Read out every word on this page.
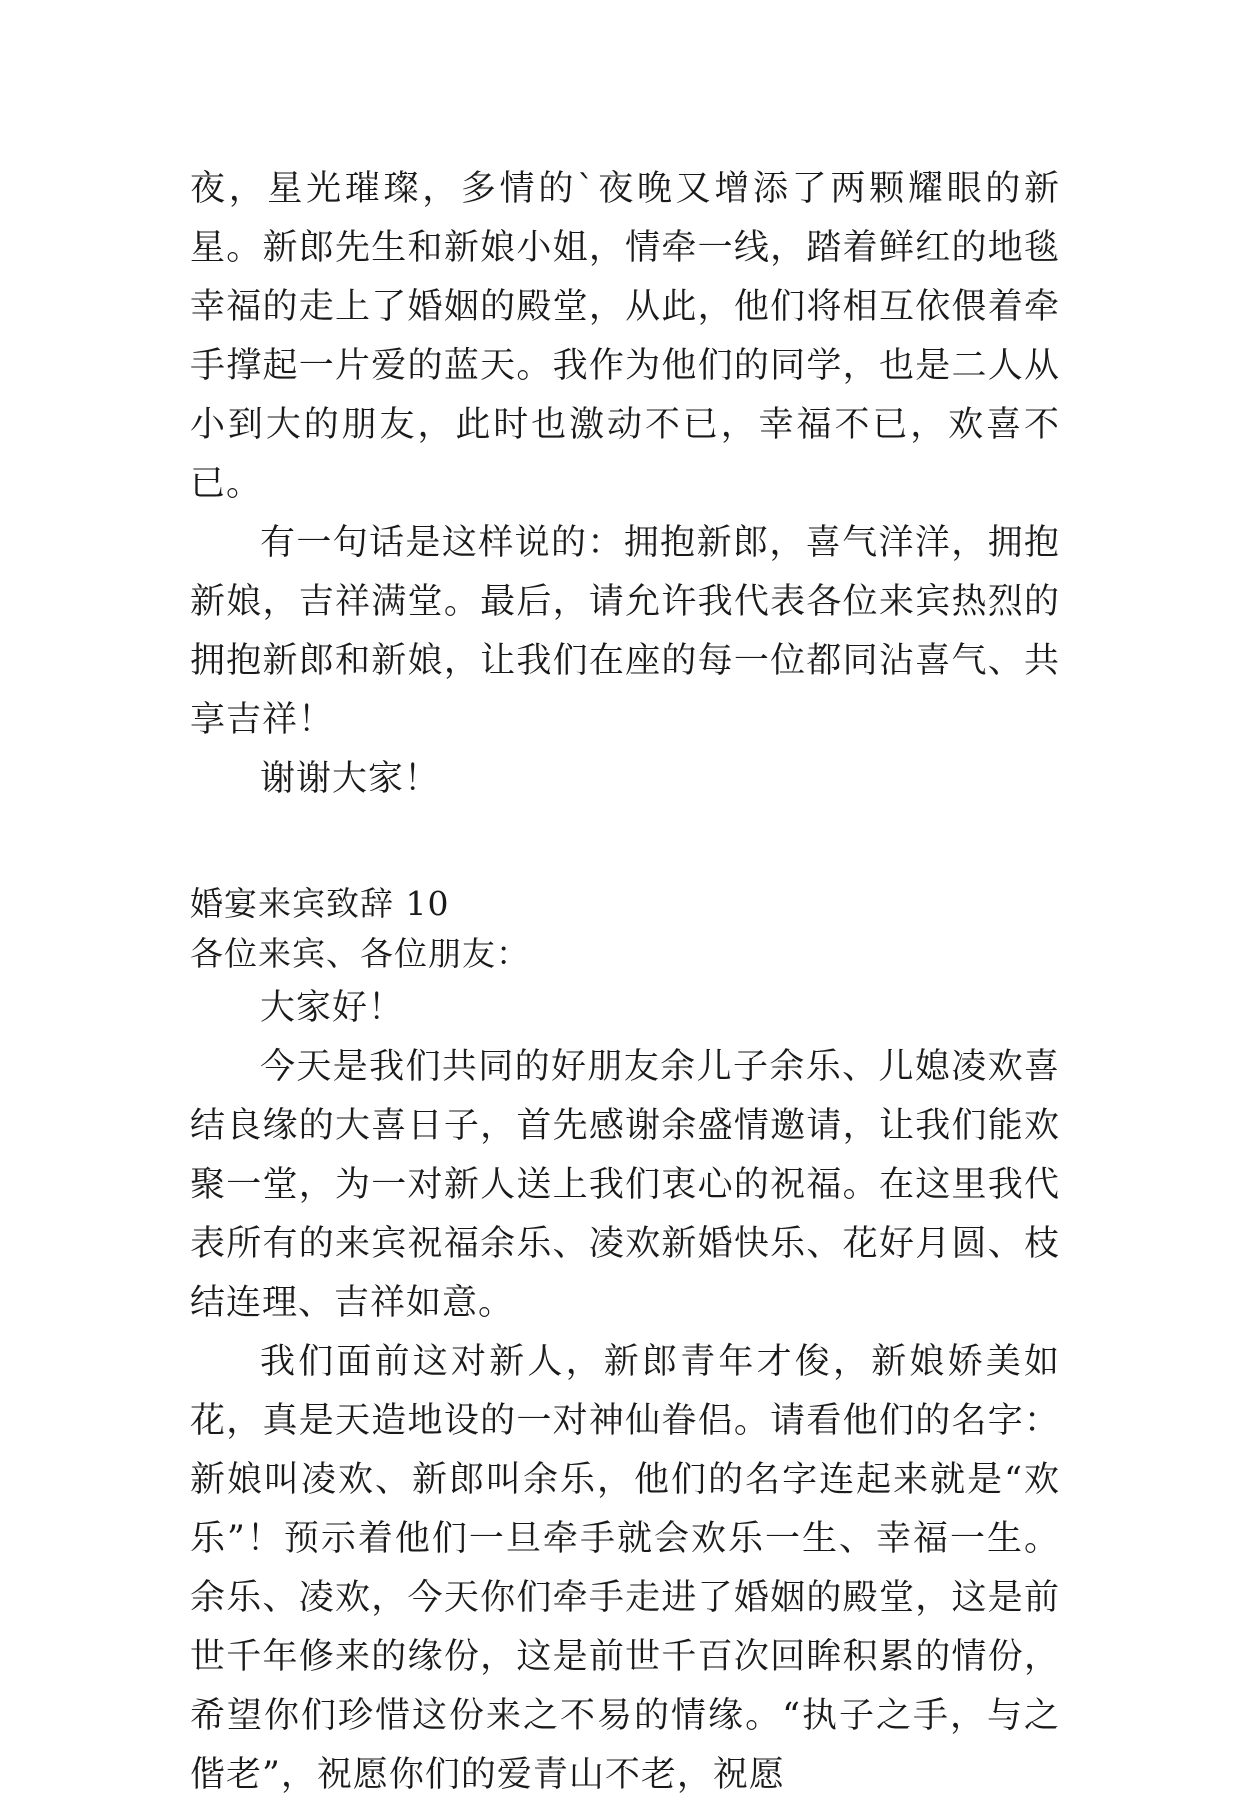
夜，星光璀璨，多情的`夜晚又增添了两颗耀眼的新星。新郎先生和新娘小姐，情牵一线，踏着鲜红的地毯幸福的走上了婚姻的殿堂，从此，他们将相互依偎着牵手撑起一片爱的蓝天。我作为他们的同学，也是二人从小到大的朋友，此时也激动不已，幸福不已，欢喜不已。

有一句话是这样说的：拥抱新郎，喜气洋洋，拥抱新娘，吉祥满堂。最后，请允许我代表各位来宾热烈的拥抱新郎和新娘，让我们在座的每一位都同沾喜气、共享吉祥！

谢谢大家！

婚宴来宾致辞 10

各位来宾、各位朋友：

大家好！

今天是我们共同的好朋友余儿子余乐、儿媳凌欢喜结良缘的大喜日子，首先感谢余盛情邀请，让我们能欢聚一堂，为一对新人送上我们衷心的祝福。在这里我代表所有的来宾祝福余乐、凌欢新婚快乐、花好月圆、枝结连理、吉祥如意。

我们面前这对新人，新郎青年才俊，新娘娇美如花，真是天造地设的一对神仙眷侣。请看他们的名字：新娘叫凌欢、新郎叫余乐，他们的名字连起来就是“欢乐”！预示着他们一旦牵手就会欢乐一生、幸福一生。余乐、凌欢，今天你们牵手走进了婚姻的殿堂，这是前世千年修来的缘份，这是前世千百次回眸积累的情份，希望你们珍惜这份来之不易的情缘。“执子之手，与之偕老”，祝愿你们的爱青山不老，祝愿
